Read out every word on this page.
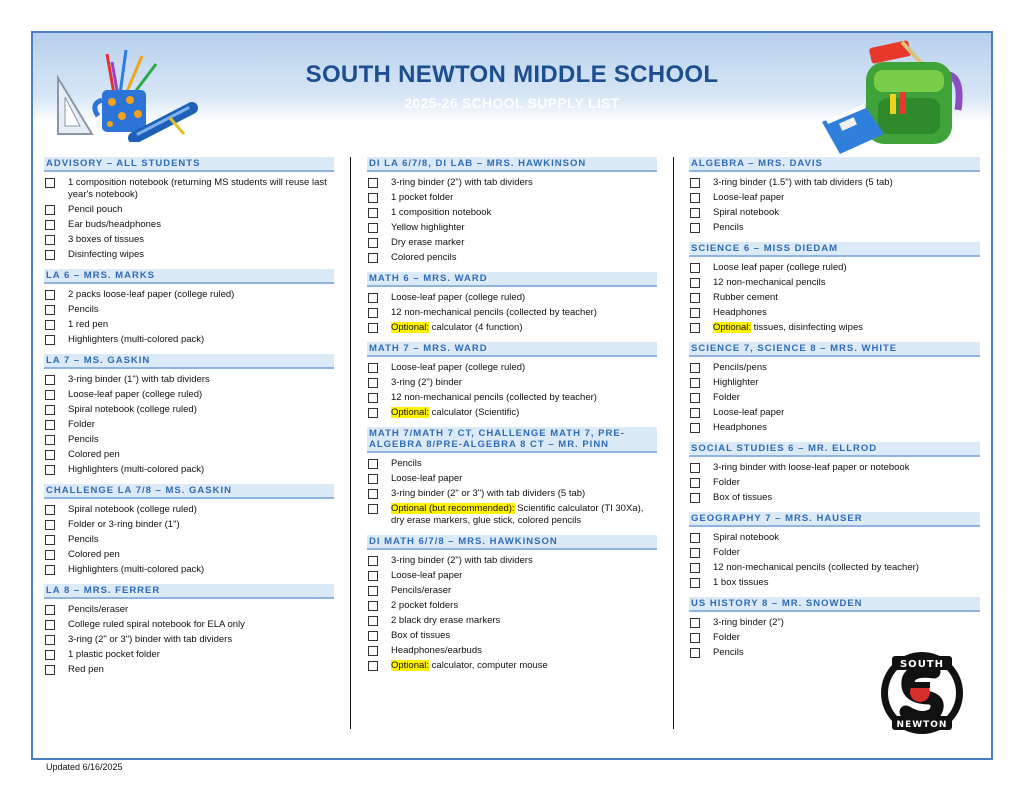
SOUTH NEWTON MIDDLE SCHOOL
2025-26 SCHOOL SUPPLY LIST
ADVISORY – ALL STUDENTS
1 composition notebook (returning MS students will reuse last year's notebook)
Pencil pouch
Ear buds/headphones
3 boxes of tissues
Disinfecting wipes
LA 6 – MRS. MARKS
2 packs loose-leaf paper (college ruled)
Pencils
1 red pen
Highlighters (multi-colored pack)
LA 7 – MS. GASKIN
3-ring binder (1") with tab dividers
Loose-leaf paper (college ruled)
Spiral notebook (college ruled)
Folder
Pencils
Colored pen
Highlighters (multi-colored pack)
CHALLENGE LA 7/8 – MS. GASKIN
Spiral notebook (college ruled)
Folder or 3-ring binder (1")
Pencils
Colored pen
Highlighters (multi-colored pack)
LA 8 – MRS. FERRER
Pencils/eraser
College ruled spiral notebook for ELA only
3-ring (2" or 3") binder with tab dividers
1 plastic pocket folder
Red pen
DI LA 6/7/8, DI LAB – MRS. HAWKINSON
3-ring binder (2") with tab dividers
1 pocket folder
1 composition notebook
Yellow highlighter
Dry erase marker
Colored pencils
MATH 6 – MRS. WARD
Loose-leaf paper (college ruled)
12 non-mechanical pencils (collected by teacher)
Optional: calculator (4 function)
MATH 7 – MRS. WARD
Loose-leaf paper (college ruled)
3-ring (2") binder
12 non-mechanical pencils (collected by teacher)
Optional: calculator (Scientific)
MATH 7/MATH 7 CT, CHALLENGE MATH 7, PRE-ALGEBRA 8/PRE-ALGEBRA 8 CT – MR. PINN
Pencils
Loose-leaf paper
3-ring binder (2" or 3") with tab dividers (5 tab)
Optional (but recommended): Scientific calculator (TI 30Xa), dry erase markers, glue stick, colored pencils
DI MATH 6/7/8 – MRS. HAWKINSON
3-ring binder (2") with tab dividers
Loose-leaf paper
Pencils/eraser
2 pocket folders
2 black dry erase markers
Box of tissues
Headphones/earbuds
Optional: calculator, computer mouse
ALGEBRA – MRS. DAVIS
3-ring binder (1.5") with tab dividers (5 tab)
Loose-leaf paper
Spiral notebook
Pencils
SCIENCE 6 – MISS DIEDAM
Loose leaf paper (college ruled)
12 non-mechanical pencils
Rubber cement
Headphones
Optional: tissues, disinfecting wipes
SCIENCE 7, SCIENCE 8 – MRS. WHITE
Pencils/pens
Highlighter
Folder
Loose-leaf paper
Headphones
SOCIAL STUDIES 6 – MR. ELLROD
3-ring binder with loose-leaf paper or notebook
Folder
Box of tissues
GEOGRAPHY 7 – MRS. HAUSER
Spiral notebook
Folder
12 non-mechanical pencils (collected by teacher)
1 box tissues
US HISTORY 8 – MR. SNOWDEN
3-ring binder (2")
Folder
Pencils
SOUTH
NEWTON
Updated 6/16/2025
